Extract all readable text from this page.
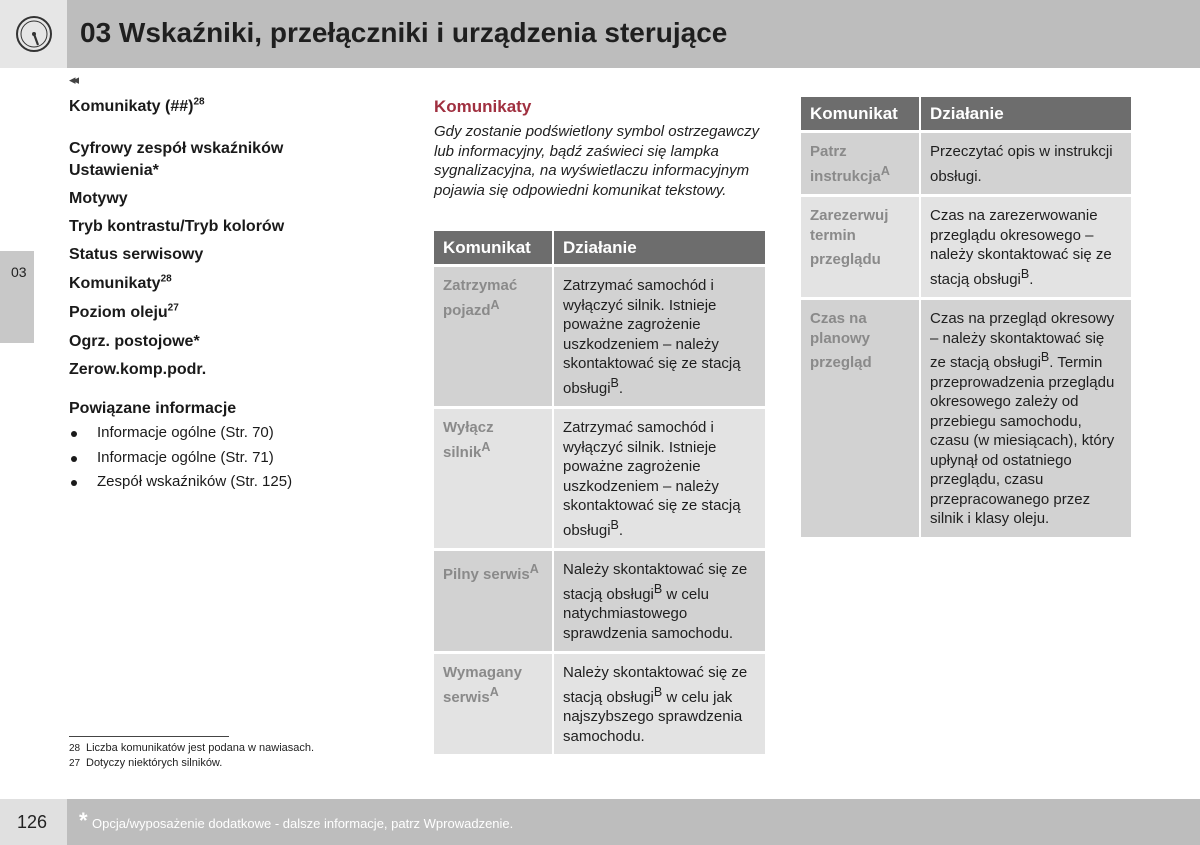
03 Wskaźniki, przełączniki i urządzenia sterujące
◂◂
03
Komunikaty (##)$^{28}$
Cyfrowy zespół wskaźników
Ustawienia*
Motywy
Tryb kontrastu/Tryb kolorów
Status serwisowy
Komunikaty$^{28}$
Poziom oleju$^{27}$
Ogrz. postojowe*
Zerow.komp.podr.
Powiązane informacje
Informacje ogólne (Str. 70)
Informacje ogólne (Str. 71)
Zespół wskaźników (Str. 125)
Komunikaty
Gdy zostanie podświetlony symbol ostrzegawczy lub informacyjny, bądź zaświeci się lampka sygnalizacyjna, na wyświetlaczu informacyjnym pojawia się odpowiedni komunikat tekstowy.
Komunikat	Działanie
Zatrzymać pojazd$^A$	Zatrzymać samochód i wyłączyć silnik. Istnieje poważne zagrożenie uszkodzeniem – należy skontaktować się ze stacją obsługi$^B$.
Wyłącz silnik$^A$	Zatrzymać samochód i wyłączyć silnik. Istnieje poważne zagrożenie uszkodzeniem – należy skontaktować się ze stacją obsługi$^B$.
Pilny serwis$^A$	Należy skontaktować się ze stacją obsługi$^B$ w celu natychmiastowego sprawdzenia samochodu.
Wymagany serwis$^A$	Należy skontaktować się ze stacją obsługi$^B$ w celu jak najszybszego sprawdzenia samochodu.
Komunikat	Działanie
Patrz instrukcja$^A$	Przeczytać opis w instrukcji obsługi.
Zarezerwuj termin przeglądu	Czas na zarezerwowanie przeglądu okresowego – należy skontaktować się ze stacją obsługi$^B$.
Czas na planowy przegląd	Czas na przegląd okresowy – należy skontaktować się ze stacją obsługi$^B$. Termin przeprowadzenia przeglądu okresowego zależy od przebiegu samochodu, czasu (w miesiącach), który upłynął od ostatniego przeglądu, czasu przepracowanego przez silnik i klasy oleju.
28 Liczba komunikatów jest podana w nawiasach.
27 Dotyczy niektórych silników.
126 * Opcja/wyposażenie dodatkowe - dalsze informacje, patrz Wprowadzenie.
